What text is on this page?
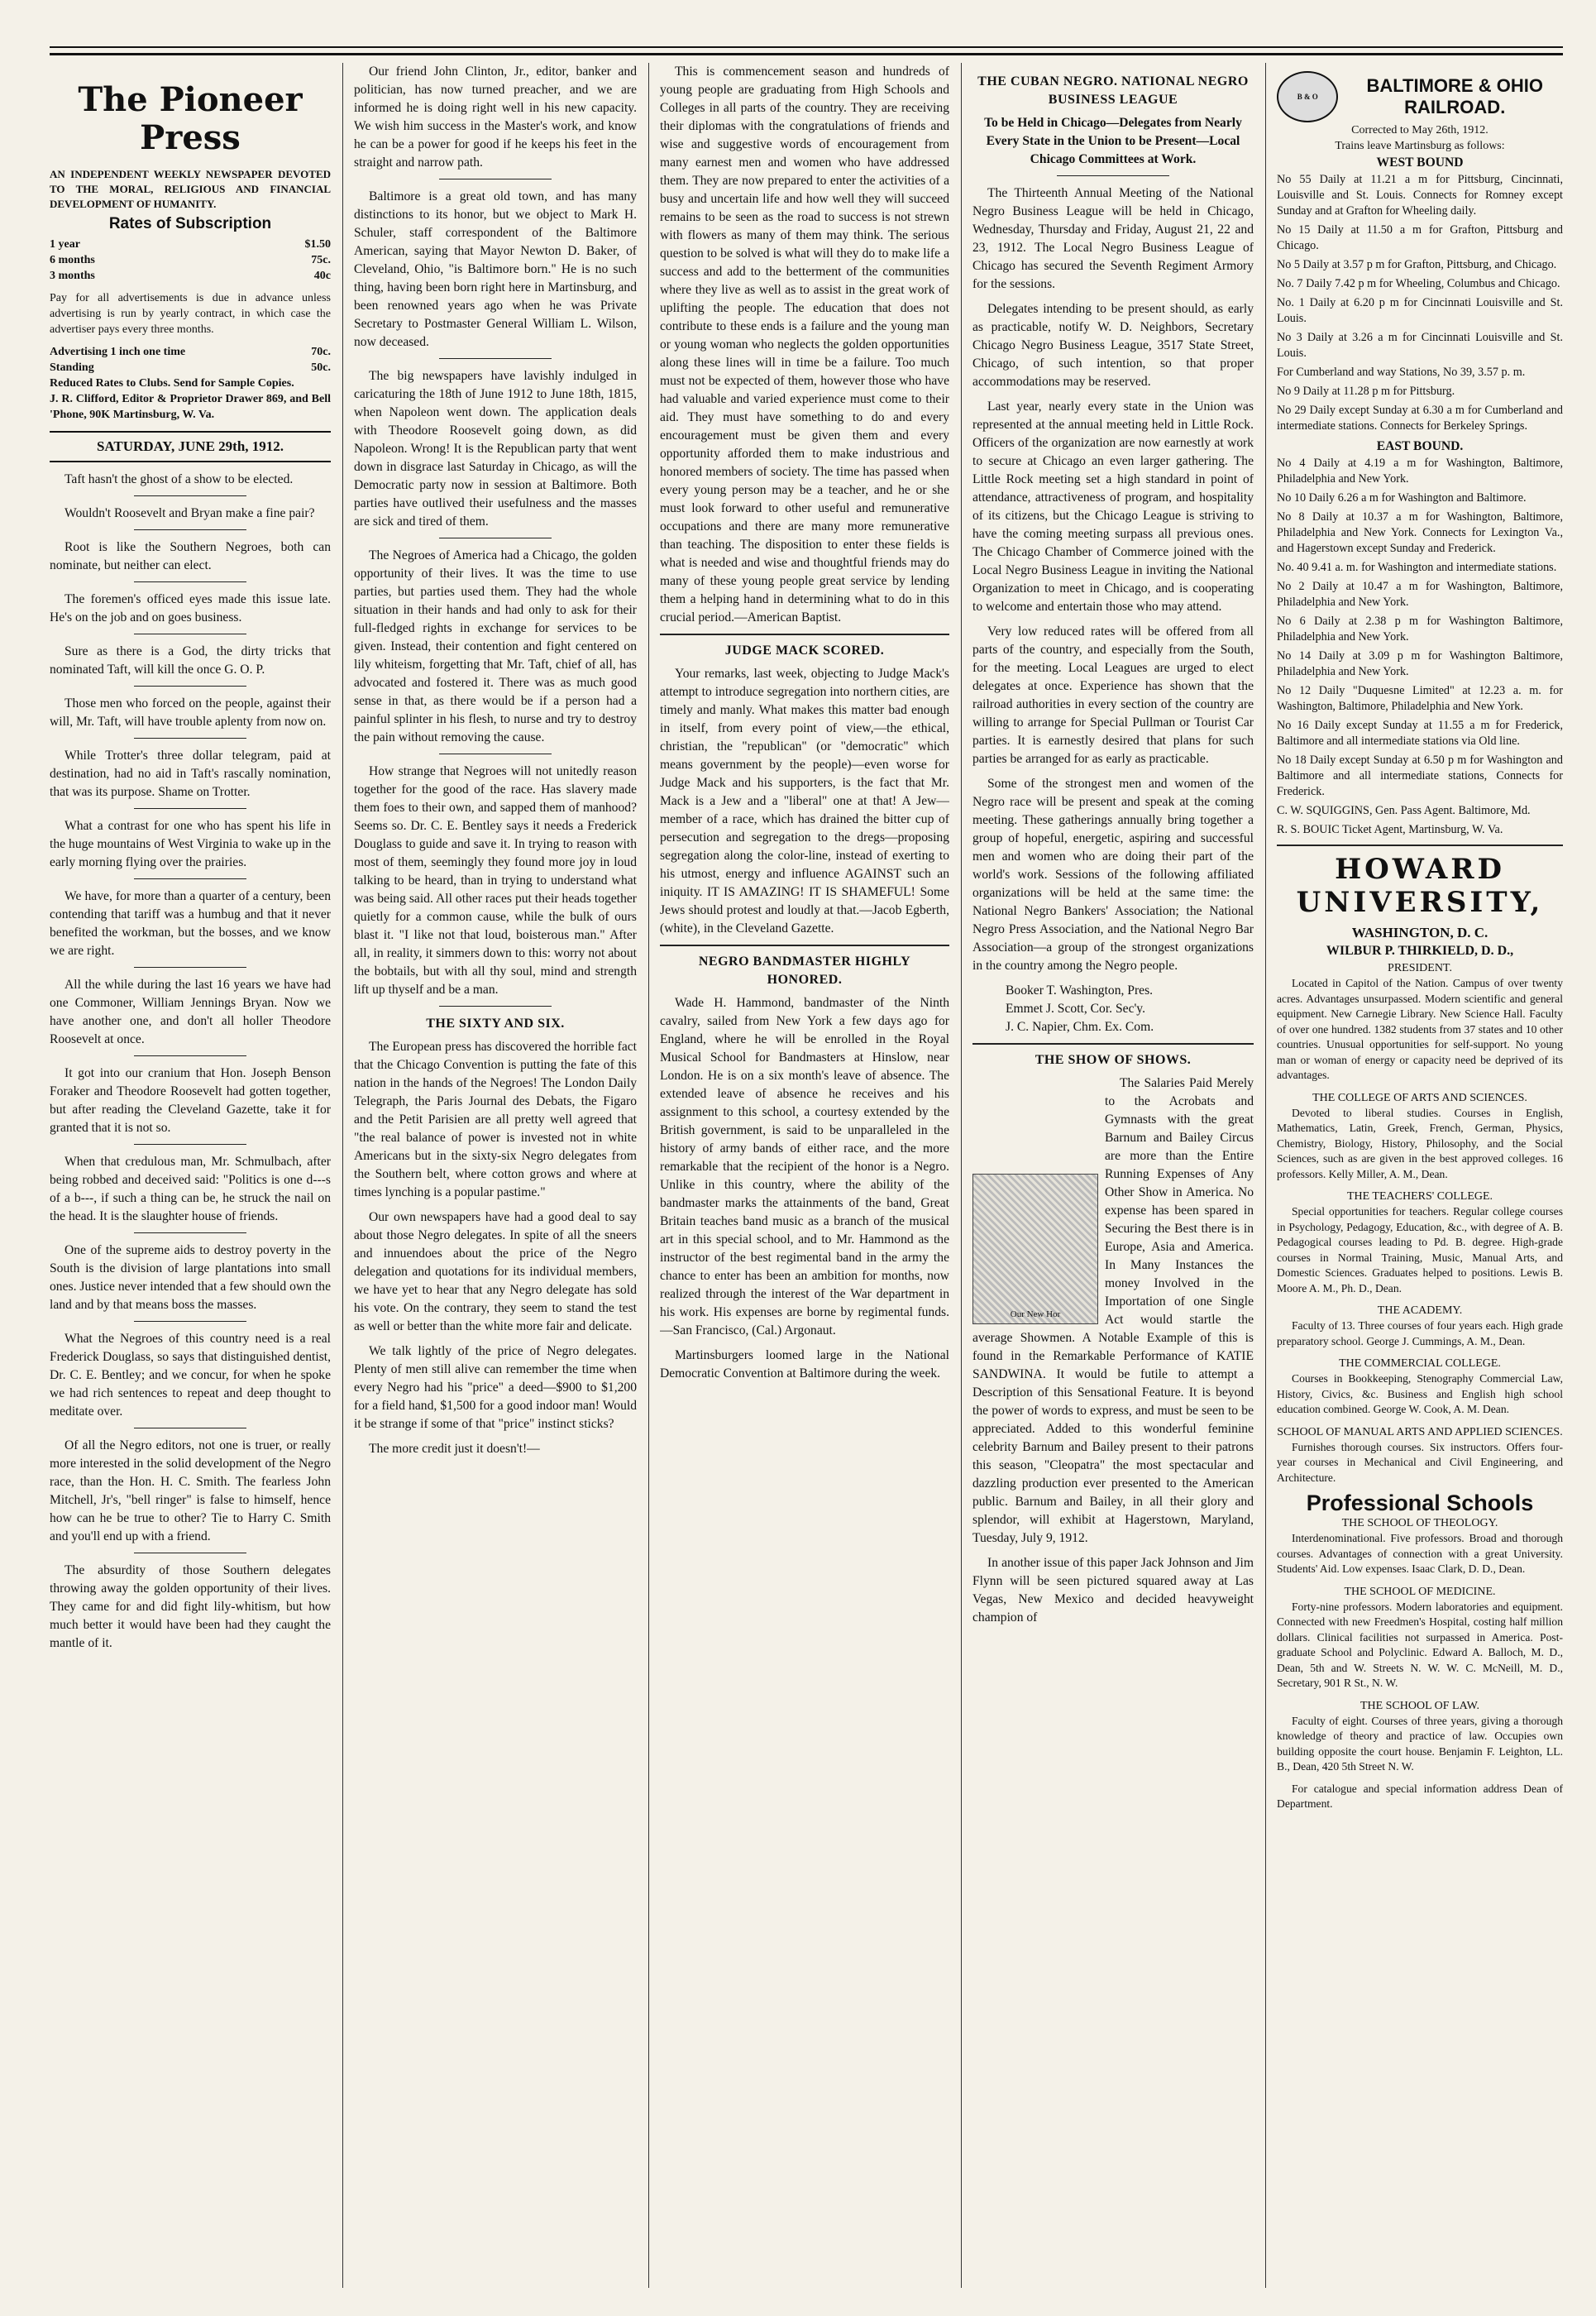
The Pioneer Press
AN INDEPENDENT WEEKLY NEWSPAPER DEVOTED TO THE MORAL, RELIGIOUS AND FINANCIAL DEVELOPMENT OF HUMANITY.
Rates of Subscription
1 year	$1.50
6 months	75c.
3 months	40c

Pay for all advertisements is due in advance unless advertising is run by yearly contract, in which case the advertiser pays every three months.

Advertising 1 inch one time	70c.
Standing	50c.
Reduced Rates to Clubs. Send for Sample Copies.
J. R. Clifford, Editor & Proprietor Drawer 869, and Bell 'Phone, 90K Martinsburg, W. Va.
SATURDAY, JUNE 29th, 1912.

Taft hasn't the ghost of a show to be elected.

Wouldn't Roosevelt and Bryan make a fine pair?

Root is like the Southern Negroes, both can nominate, but neither can elect.

The foremen's officed eyes made this issue late. He's on the job and on goes business.

Sure as there is a God, the dirty tricks that nominated Taft, will kill the once G. O. P.

Those men who forced on the people, against their will, Mr. Taft, will have trouble aplenty from now on.

While Trotter's three dollar telegram, paid at destination, had no aid in Taft's rascally nomination, that was its purpose. Shame on Trotter.

What a contrast for one who has spent his life in the huge mountains of West Virginia to wake up in the early morning flying over the prairies.

We have, for more than a quarter of a century, been contending that tariff was a humbug and that it never benefited the workman, but the bosses, and we know we are right.

All the while during the last 16 years we have had one Commoner, William Jennings Bryan. Now we have another one, and don't all holler Theodore Roosevelt at once.

It got into our cranium that Hon. Joseph Benson Foraker and Theodore Roosevelt had gotten together, but after reading the Cleveland Gazette, take it for granted that it is not so.

When that credulous man, Mr. Schmulbach, after being robbed and deceived said: "Politics is one d---s of a b---, if such a thing can be, he struck the nail on the head. It is the slaughter house of friends.

One of the supreme aids to destroy poverty in the South is the division of large plantations into small ones. Justice never intended that a few should own the land and by that means boss the masses.

What the Negroes of this country need is a real Frederick Douglass, so says that distinguished dentist, Dr. C. E. Bentley; and we concur, for when he spoke we had rich sentences to repeat and deep thought to meditate over.

Of all the Negro editors, not one is truer, or really more interested in the solid development of the Negro race, than the Hon. H. C. Smith. The fearless John Mitchell, Jr's, "bell ringer" is false to himself, hence how can he be true to other? Tie to Harry C. Smith and you'll end up with a friend.

The absurdity of those Southern delegates throwing away the golden opportunity of their lives. They came for and did fight lily-whitism, but how much better it would have been had they caught the mantle of it.

Our friend John Clinton, Jr., editor, banker and politician, has now turned preacher, and we are informed he is doing right well in his new capacity. We wish him success in the Master's work, and know he can be a power for good if he keeps his feet in the straight and narrow path.

Baltimore is a great old town, and has many distinctions to its honor, but we object to Mark H. Schuler, staff correspondent of the Baltimore American, saying that Mayor Newton D. Baker, of Cleveland, Ohio, "is Baltimore born." He is no such thing, having been born right here in Martinsburg, and been renowned years ago when he was Private Secretary to Postmaster General William L. Wilson, now deceased.

The big newspapers have lavishly indulged in caricaturing the 18th of June 1912 to June 18th, 1815, when Napoleon went down. The application deals with Theodore Roosevelt going down, as did Napoleon. Wrong! It is the Republican party that went down in disgrace last Saturday in Chicago, as will the Democratic party now in session at Baltimore. Both parties have outlived their usefulness and the masses are sick and tired of them.

The Negroes of America had a Chicago, the golden opportunity of their lives. It was the time to use parties, but parties used them. They had the whole situation in their hands and had only to ask for their full-fledged rights in exchange for services to be given. Instead, their contention and fight centered on lily whiteism, forgetting that Mr. Taft, chief of all, has advocated and fostered it. There was as much good sense in that, as there would be if a person had a painful splinter in his flesh, to nurse and try to destroy the pain without removing the cause.

How strange that Negroes will not unitedly reason together for the good of the race. Has slavery made them foes to their own, and sapped them of manhood? Seems so. Dr. C. E. Bentley says it needs a Frederick Douglass to guide and save it. In trying to reason with most of them, seemingly they found more joy in loud talking to be heard, than in trying to understand what was being said. All other races put their heads together quietly for a common cause, while the bulk of ours blast it. "I like not that loud, boisterous man." After all, in reality, it simmers down to this: worry not about the bobtails, but with all thy soul, mind and strength lift up thyself and be a man.

THE SIXTY AND SIX.

The European press has discovered the horrible fact that the Chicago Convention is putting the fate of this nation in the hands of the Negroes! The London Daily Telegraph, the Paris Journal des Debats, the Figaro and the Petit Parisien are all pretty well agreed that "the real balance of power is invested not in white Americans but in the sixty-six Negro delegates from the Southern belt, where cotton grows and where at times lynching is a popular pastime."

Our own newspapers have had a good deal to say about those Negro delegates. In spite of all the sneers and innuendoes about the price of the Negro delegation and quotations for its individual members, we have yet to hear that any Negro delegate has sold his vote. On the contrary, they seem to stand the test as well or better than the white more fair and delicate.

We talk lightly of the price of Negro delegates. Plenty of men still alive can remember the time when every Negro had his "price" a deed—$900 to $1,200 for a field hand, $1,500 for a good indoor man! Would it be strange if some of that "price" instinct sticks?

The more credit just it doesn't!—

This is commencement season and hundreds of young people are graduating from High Schools and Colleges in all parts of the country. They are receiving their diplomas with the congratulations of friends and wise and suggestive words of encouragement from many earnest men and women who have addressed them. They are now prepared to enter the activities of a busy and uncertain life and how well they will succeed remains to be seen as the road to success is not strewn with flowers as many of them may think. The serious question to be solved is what will they do to make life a success and add to the betterment of the communities where they live as well as to assist in the great work of uplifting the people. The education that does not contribute to these ends is a failure and the young man or young woman who neglects the golden opportunities along these lines will in time be a failure. Too much must not be expected of them, however those who have had valuable and varied experience must come to their aid. They must have something to do and every encouragement must be given them and every opportunity afforded them to make industrious and honored members of society. The time has passed when every young person may be a teacher, and he or she must look forward to other useful and remunerative occupations and there are many more remunerative than teaching. The disposition to enter these fields is what is needed and wise and thoughtful friends may do many of these young people great service by lending them a helping hand in determining what to do in this crucial period.—American Baptist.

JUDGE MACK SCORED.

Your remarks, last week, objecting to Judge Mack's attempt to introduce segregation into northern cities, are timely and manly. What makes this matter bad enough in itself, from every point of view,—the ethical, christian, the "republican" (or "democratic" which means government by the people)—even worse for Judge Mack and his supporters, is the fact that Mr. Mack is a Jew and a "liberal" one at that! A Jew—member of a race, which has drained the bitter cup of persecution and segregation to the dregs—proposing segregation along the color-line, instead of exerting to his utmost, energy and influence AGAINST such an iniquity. IT IS AMAZING! IT IS SHAMEFUL! Some Jews should protest and loudly at that.—Jacob Egberth, (white), in the Cleveland Gazette.

NEGRO BANDMASTER HIGHLY HONORED.

Wade H. Hammond, bandmaster of the Ninth cavalry, sailed from New York a few days ago for England, where he will be enrolled in the Royal Musical School for Bandmasters at Hinslow, near London. He is on a six month's leave of absence. The extended leave of absence he receives and his assignment to this school, a courtesy extended by the British government, is said to be unparalleled in the history of army bands of either race, and the more remarkable that the recipient of the honor is a Negro. Unlike in this country, where the ability of the bandmaster marks the attainments of the band, Great Britain teaches band music as a branch of the musical art in this special school, and to Mr. Hammond as the instructor of the best regimental band in the army the chance to enter has been an ambition for months, now realized through the interest of the War department in his work. His expenses are borne by regimental funds.—San Francisco, (Cal.) Argonaut.

Martinsburgers loomed large in the National Democratic Convention at Baltimore during the week.

THE CUBAN NEGRO. NATIONAL NEGRO BUSINESS LEAGUE

To be Held in Chicago—Delegates from Nearly Every State in the Union to be Present—Local Chicago Committees at Work.

The Thirteenth Annual Meeting of the National Negro Business League will be held in Chicago, Wednesday, Thursday and Friday, August 21, 22 and 23, 1912. The Local Negro Business League of Chicago has secured the Seventh Regiment Armory for the sessions.

Delegates intending to be present should, as early as practicable, notify W. D. Neighbors, Secretary Chicago Negro Business League, 3517 State Street, Chicago, of such intention, so that proper accommodations may be reserved.

Last year, nearly every state in the Union was represented at the annual meeting held in Little Rock. Officers of the organization are now earnestly at work to secure at Chicago an even larger gathering. The Little Rock meeting set a high standard in point of attendance, attractiveness of program, and hospitality of its citizens, but the Chicago League is striving to have the coming meeting surpass all previous ones. The Chicago Chamber of Commerce joined with the Local Negro Business League in inviting the National Organization to meet in Chicago, and is cooperating to welcome and entertain those who may attend.

Very low reduced rates will be offered from all parts of the country, and especially from the South, for the meeting. Local Leagues are urged to elect delegates at once. Experience has shown that the railroad authorities in every section of the country are willing to arrange for Special Pullman or Tourist Car parties. It is earnestly desired that plans for such parties be arranged for as early as practicable.

Some of the strongest men and women of the Negro race will be present and speak at the coming meeting. These gatherings annually bring together a group of hopeful, energetic, aspiring and successful men and women who are doing their part of the world's work. Sessions of the following affiliated organizations will be held at the same time: the National Negro Bankers' Association; the National Negro Press Association, and the National Negro Bar Association—a group of the strongest organizations in the country among the Negro people.

Booker T. Washington, Pres.
Emmet J. Scott, Cor. Sec'y.
J. C. Napier, Chm. Ex. Com.
THE SHOW OF SHOWS.
Our New Hor

The Salaries Paid Merely to the Acrobats and Gymnasts with the great Barnum and Bailey Circus are more than the Entire Running Expenses of Any Other Show in America. No expense has been spared in Securing the Best there is in Europe, Asia and America. In Many Instances the money Involved in the Importation of one Single Act would startle the average Showmen. A Notable Example of this is found in the Remarkable Performance of KATIE SANDWINA. It would be futile to attempt a Description of this Sensational Feature. It is beyond the power of words to express, and must be seen to be appreciated. Added to this wonderful feminine celebrity Barnum and Bailey present to their patrons this season, "Cleopatra" the most spectacular and dazzling production ever presented to the American public. Barnum and Bailey, in all their glory and splendor, will exhibit at Hagerstown, Maryland, Tuesday, July 9, 1912.

In another issue of this paper Jack Johnson and Jim Flynn will be seen pictured squared away at Las Vegas, New Mexico and decided heavyweight champion of

B & O
BALTIMORE & OHIO RAILROAD.
Corrected to May 26th, 1912.
Trains leave Martinsburg as follows:
WEST BOUND
No 55 Daily at 11.21 a m for Pittsburg, Cincinnati, Louisville and St. Louis. Connects for Romney except Sunday and at Grafton for Wheeling daily.
No 15 Daily at 11.50 a m for Grafton, Pittsburg and Chicago.
No 5 Daily at 3.57 p m for Grafton, Pittsburg, and Chicago.
No. 7 Daily 7.42 p m for Wheeling, Columbus and Chicago.
No. 1 Daily at 6.20 p m for Cincinnati Louisville and St. Louis.
No 3 Daily at 3.26 a m for Cincinnati Louisville and St. Louis.
For Cumberland and way Stations, No 39, 3.57 p. m.
No 9 Daily at 11.28 p m for Pittsburg.
No 29 Daily except Sunday at 6.30 a m for Cumberland and intermediate stations. Connects for Berkeley Springs.
EAST BOUND.
No 4 Daily at 4.19 a m for Washington, Baltimore, Philadelphia and New York.
No 10 Daily 6.26 a m for Washington and Baltimore.
No 8 Daily at 10.37 a m for Washington, Baltimore, Philadelphia and New York. Connects for Lexington Va., and Hagerstown except Sunday and Frederick.
No. 40 9.41 a. m. for Washington and intermediate stations.
No 2 Daily at 10.47 a m for Washington, Baltimore, Philadelphia and New York.
No 6 Daily at 2.38 p m for Washington Baltimore, Philadelphia and New York.
No 14 Daily at 3.09 p m for Washington Baltimore, Philadelphia and New York.
No 12 Daily "Duquesne Limited" at 12.23 a. m. for Washington, Baltimore, Philadelphia and New York.
No 16 Daily except Sunday at 11.55 a m for Frederick, Baltimore and all intermediate stations via Old line.
No 18 Daily except Sunday at 6.50 p m for Washington and Baltimore and all intermediate stations, Connects for Frederick.
C. W. SQUIGGINS, Gen. Pass Agent. Baltimore, Md.
R. S. BOUIC Ticket Agent, Martinsburg, W. Va.
HOWARD UNIVERSITY,
WASHINGTON, D. C.
WILBUR P. THIRKIELD, D. D.,
PRESIDENT.

Located in Capitol of the Nation. Campus of over twenty acres. Advantages unsurpassed. Modern scientific and general equipment. New Carnegie Library. New Science Hall. Faculty of over one hundred. 1382 students from 37 states and 10 other countries. Unusual opportunities for self-support. No young man or woman of energy or capacity need be deprived of its advantages.

THE COLLEGE OF ARTS AND SCIENCES.

Devoted to liberal studies. Courses in English, Mathematics, Latin, Greek, French, German, Physics, Chemistry, Biology, History, Philosophy, and the Social Sciences, such as are given in the best approved colleges. 16 professors. Kelly Miller, A. M., Dean.

THE TEACHERS' COLLEGE.

Special opportunities for teachers. Regular college courses in Psychology, Pedagogy, Education, &c., with degree of A. B. Pedagogical courses leading to Pd. B. degree. High-grade courses in Normal Training, Music, Manual Arts, and Domestic Sciences. Graduates helped to positions. Lewis B. Moore A. M., Ph. D., Dean.

THE ACADEMY.

Faculty of 13. Three courses of four years each. High grade preparatory school. George J. Cummings, A. M., Dean.

THE COMMERCIAL COLLEGE.

Courses in Bookkeeping, Stenography Commercial Law, History, Civics, &c. Business and English high school education combined. George W. Cook, A. M. Dean.

SCHOOL OF MANUAL ARTS AND APPLIED SCIENCES.

Furnishes thorough courses. Six instructors. Offers four-year courses in Mechanical and Civil Engineering, and Architecture.

Professional Schools
THE SCHOOL OF THEOLOGY.

Interdenominational. Five professors. Broad and thorough courses. Advantages of connection with a great University. Students' Aid. Low expenses. Isaac Clark, D. D., Dean.

THE SCHOOL OF MEDICINE.

Forty-nine professors. Modern laboratories and equipment. Connected with new Freedmen's Hospital, costing half million dollars. Clinical facilities not surpassed in America. Post-graduate School and Polyclinic. Edward A. Balloch, M. D., Dean, 5th and W. Streets N. W. W. C. McNeill, M. D., Secretary, 901 R St., N. W.

THE SCHOOL OF LAW.

Faculty of eight. Courses of three years, giving a thorough knowledge of theory and practice of law. Occupies own building opposite the court house. Benjamin F. Leighton, LL. B., Dean, 420 5th Street N. W.

For catalogue and special information address Dean of Department.
